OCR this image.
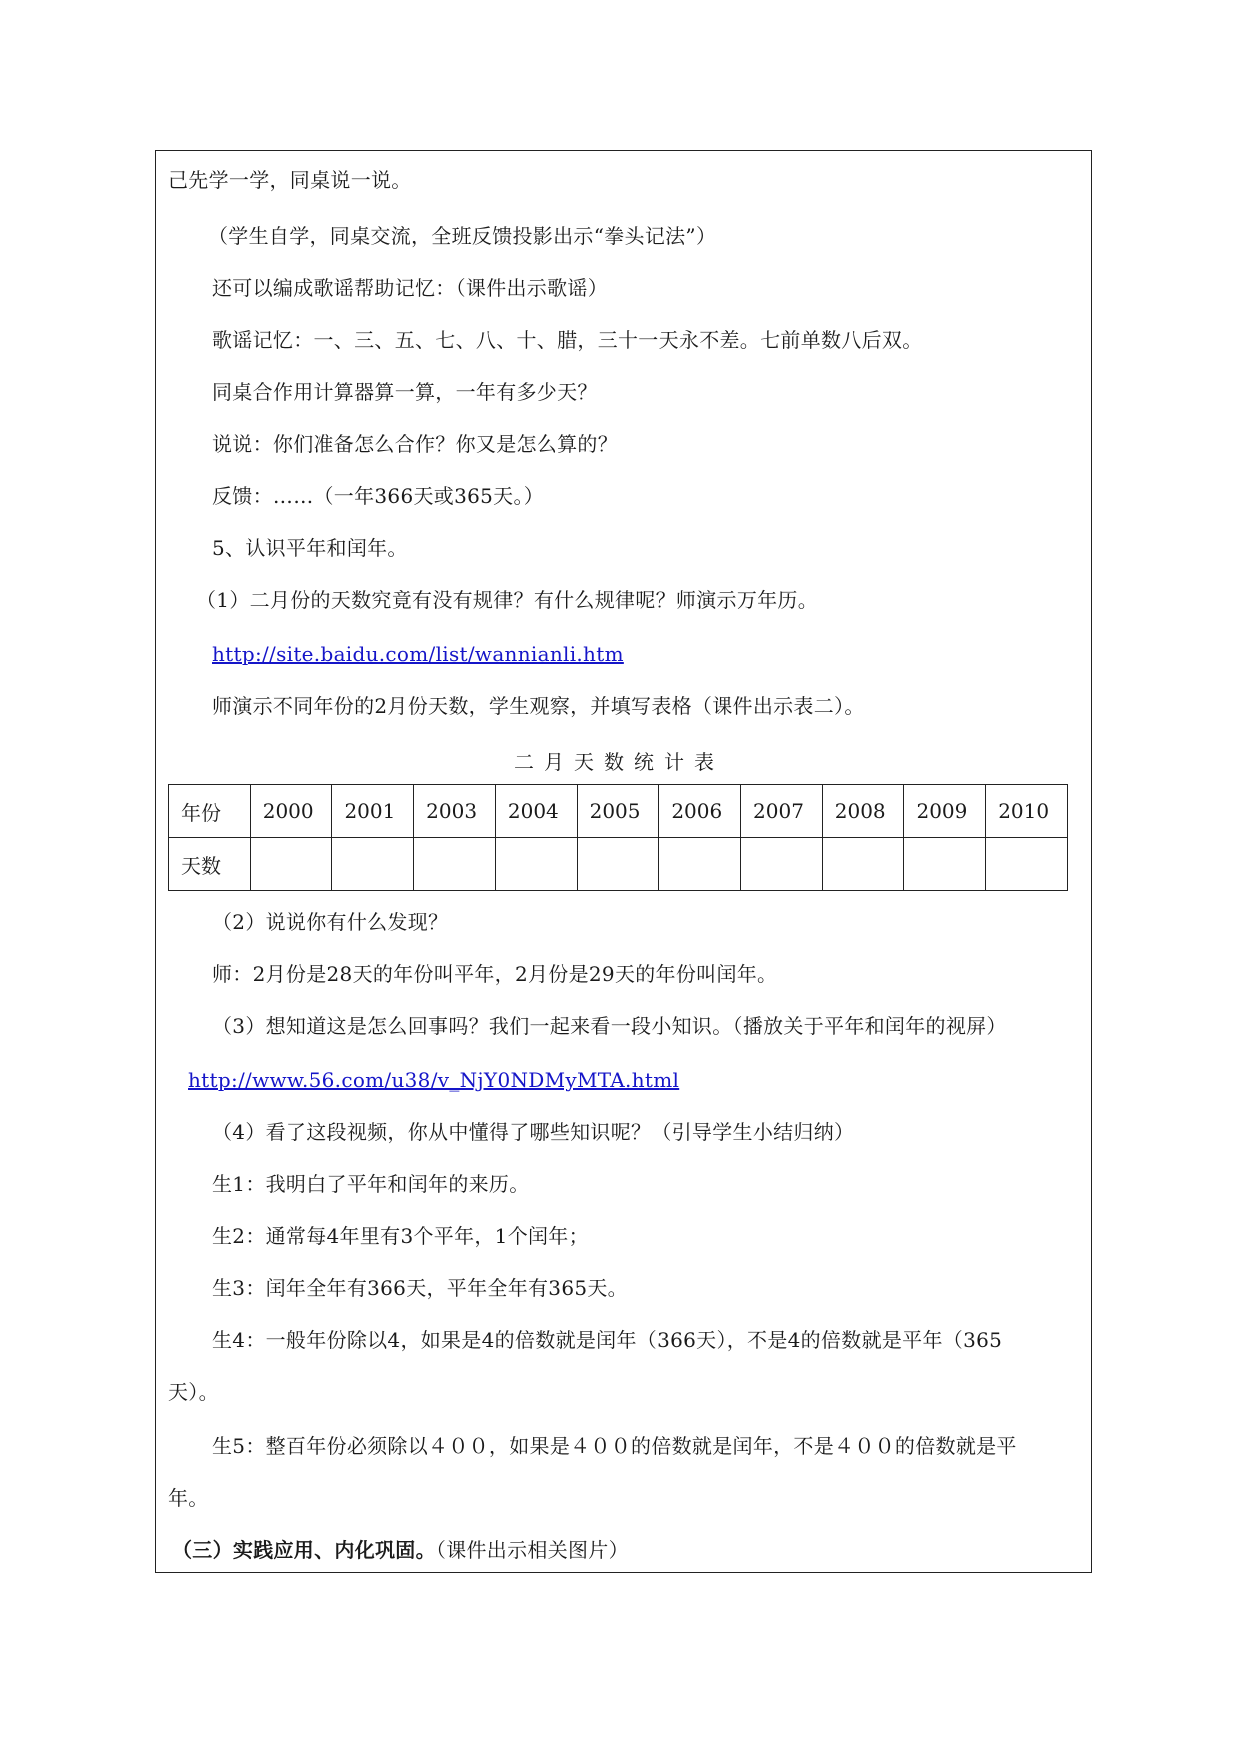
己先学一学，同桌说一说。
（学生自学，同桌交流，全班反馈投影出示“拳头记法”）
还可以编成歌谣帮助记忆：（课件出示歌谣）
歌谣记忆：一、三、五、七、八、十、腊，三十一天永不差。七前单数八后双。
同桌合作用计算器算一算，一年有多少天？
说说：你们准备怎么合作？你又是怎么算的？
反馈：……（一年366天或365天。）
5、认识平年和闰年。
（1）二月份的天数究竟有没有规律？有什么规律呢？师演示万年历。
http://site.baidu.com/list/wannianli.htm
师演示不同年份的2月份天数，学生观察，并填写表格（课件出示表二）。
二月天数统计表
年份	2000	2001	2003	2004	2005	2006	2007	2008	2009	2010
天数										
（2）说说你有什么发现？
师：2月份是28天的年份叫平年，2月份是29天的年份叫闰年。
（3）想知道这是怎么回事吗？我们一起来看一段小知识。（播放关于平年和闰年的视屏）
http://www.56.com/u38/v_NjY0NDMyMTA.html
（4）看了这段视频，你从中懂得了哪些知识呢？（引导学生小结归纳）
生1：我明白了平年和闰年的来历。
生2：通常每4年里有3个平年，1个闰年；
生3：闰年全年有366天，平年全年有365天。
生4：一般年份除以4，如果是4的倍数就是闰年（366天），不是4的倍数就是平年（365
天）。
生5：整百年份必须除以４００，如果是４００的倍数就是闰年，不是４００的倍数就是平
年。
（三）实践应用、内化巩固。（课件出示相关图片）
